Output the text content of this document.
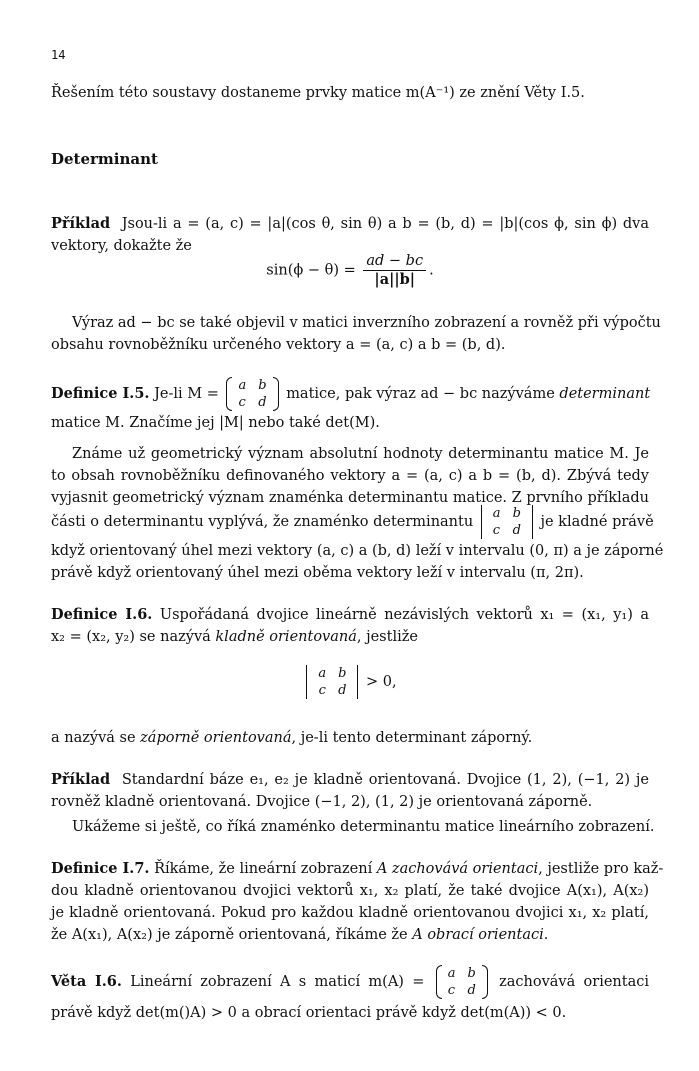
14
Řešením této soustavy dostaneme prvky matice m(A⁻¹) ze znění Věty I.5.
Determinant
Příklad Jsou-li a = (a, c) = |a|(cos θ, sin θ) a b = (b, d) = |b|(cos ϕ, sin ϕ) dva
vektory, dokažte že
$\sin(\phi - \theta) = \frac{ad - bc}{|a||b|}$ .
Výraz ad − bc se také objevil v matici inverzního zobrazení a rovněž při výpočtu
obsahu rovnoběžníku určeného vektory a = (a, c) a b = (b, d).
Definice I.5. Je-li M =
a	b
c	d
matice, pak výraz ad − bc nazýváme determinant
matice M. Značíme jej |M| nebo také det(M).
Známe už geometrický význam absolutní hodnoty determinantu matice M. Je
to obsah rovnoběžníku definovaného vektory a = (a, c) a b = (b, d). Zbývá tedy
vyjasnit geometrický význam znaménka determinantu matice. Z prvního příkladu
části o determinantu vyplývá, že znaménko determinantu
a	b
c	d
je kladné právě
když orientovaný úhel mezi vektory (a, c) a (b, d) leží v intervalu (0, π) a je záporné
právě když orientovaný úhel mezi oběma vektory leží v intervalu (π, 2π).
Definice I.6. Uspořádaná dvojice lineárně nezávislých vektorů x₁ = (x₁, y₁) a
x₂ = (x₂, y₂) se nazývá kladně orientovaná, jestliže
a	b
c	d
> 0,
a nazývá se záporně orientovaná, je-li tento determinant záporný.
Příklad Standardní báze e₁, e₂ je kladně orientovaná. Dvojice (1, 2), (−1, 2) je
rovněž kladně orientovaná. Dvojice (−1, 2), (1, 2) je orientovaná záporně.
Ukážeme si ještě, co říká znaménko determinantu matice lineárního zobrazení.
Definice I.7. Říkáme, že lineární zobrazení A zachovává orientaci, jestliže pro kaž-
dou kladně orientovanou dvojici vektorů x₁, x₂ platí, že také dvojice A(x₁), A(x₂)
je kladně orientovaná. Pokud pro každou kladně orientovanou dvojici x₁, x₂ platí,
že A(x₁), A(x₂) je záporně orientovaná, říkáme že A obrací orientaci.
Věta I.6. Lineární zobrazení A s maticí m(A) =
a	b
c	d
zachovává orientaci
právě když det(m()A) > 0 a obrací orientaci právě když det(m(A)) < 0.
